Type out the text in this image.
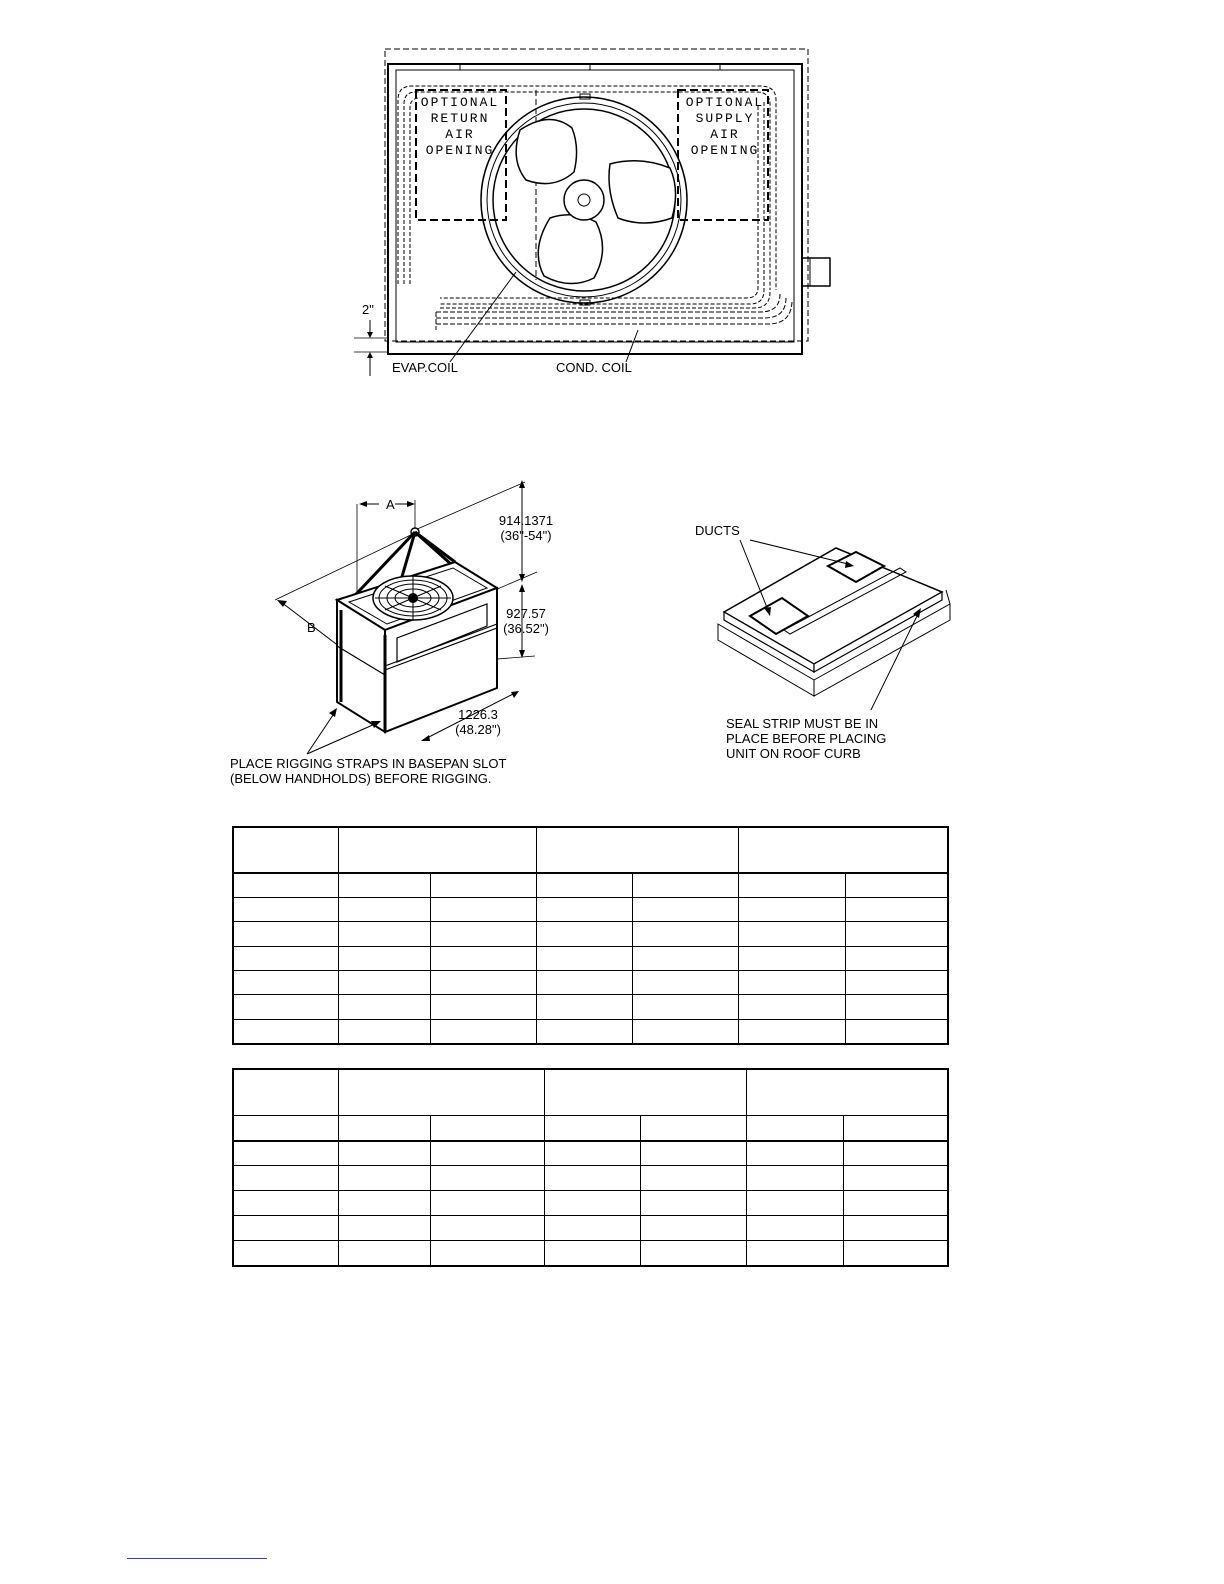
OPTIONAL
RETURN
AIR
OPENING
OPTIONAL
SUPPLY
AIR
OPENING
2"
EVAP.COIL	COND. COIL
A
B
914.1371
(36"-54")
927.57
(36.52")
1226.3
(48.28")
PLACE RIGGING STRAPS IN BASEPAN SLOT
(BELOW HANDHOLDS) BEFORE RIGGING.
DUCTS
SEAL STRIP MUST BE IN
PLACE BEFORE PLACING
UNIT ON ROOF CURB
